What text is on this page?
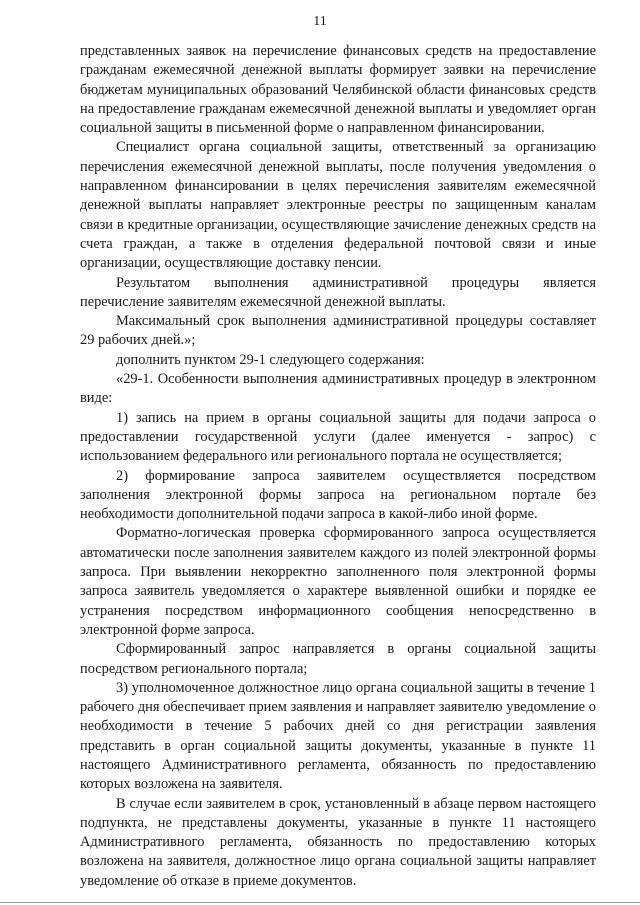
11

представленных заявок на перечисление финансовых средств на предоставление гражданам ежемесячной денежной выплаты формирует заявки на перечисление бюджетам муниципальных образований Челябинской области финансовых средств на предоставление гражданам ежемесячной денежной выплаты и уведомляет орган социальной защиты в письменной форме о направленном финансировании.

Специалист органа социальной защиты, ответственный за организацию перечисления ежемесячной денежной выплаты, после получения уведомления о направленном финансировании в целях перечисления заявителям ежемесячной денежной выплаты направляет электронные реестры по защищенным каналам связи в кредитные организации, осуществляющие зачисление денежных средств на счета граждан, а также в отделения федеральной почтовой связи и иные организации, осуществляющие доставку пенсии.

Результатом выполнения административной процедуры является перечисление заявителям ежемесячной денежной выплаты.

Максимальный срок выполнения административной процедуры составляет 29 рабочих дней.»;

дополнить пунктом 29-1 следующего содержания:

«29-1. Особенности выполнения административных процедур в электронном виде:

1) запись на прием в органы социальной защиты для подачи запроса о предоставлении государственной услуги (далее именуется - запрос) с использованием федерального или регионального портала не осуществляется;

2) формирование запроса заявителем осуществляется посредством заполнения электронной формы запроса на региональном портале без необходимости дополнительной подачи запроса в какой-либо иной форме.

Форматно-логическая проверка сформированного запроса осуществляется автоматически после заполнения заявителем каждого из полей электронной формы запроса. При выявлении некорректно заполненного поля электронной формы запроса заявитель уведомляется о характере выявленной ошибки и порядке ее устранения посредством информационного сообщения непосредственно в электронной форме запроса.

Сформированный запрос направляется в органы социальной защиты посредством регионального портала;

3) уполномоченное должностное лицо органа социальной защиты в течение 1 рабочего дня обеспечивает прием заявления и направляет заявителю уведомление о необходимости в течение 5 рабочих дней со дня регистрации заявления представить в орган социальной защиты документы, указанные в пункте 11 настоящего Административного регламента, обязанность по предоставлению которых возложена на заявителя.

В случае если заявителем в срок, установленный в абзаце первом настоящего подпункта, не представлены документы, указанные в пункте 11 настоящего Административного регламента, обязанность по предоставлению которых возложена на заявителя, должностное лицо органа социальной защиты направляет уведомление об отказе в приеме документов.
